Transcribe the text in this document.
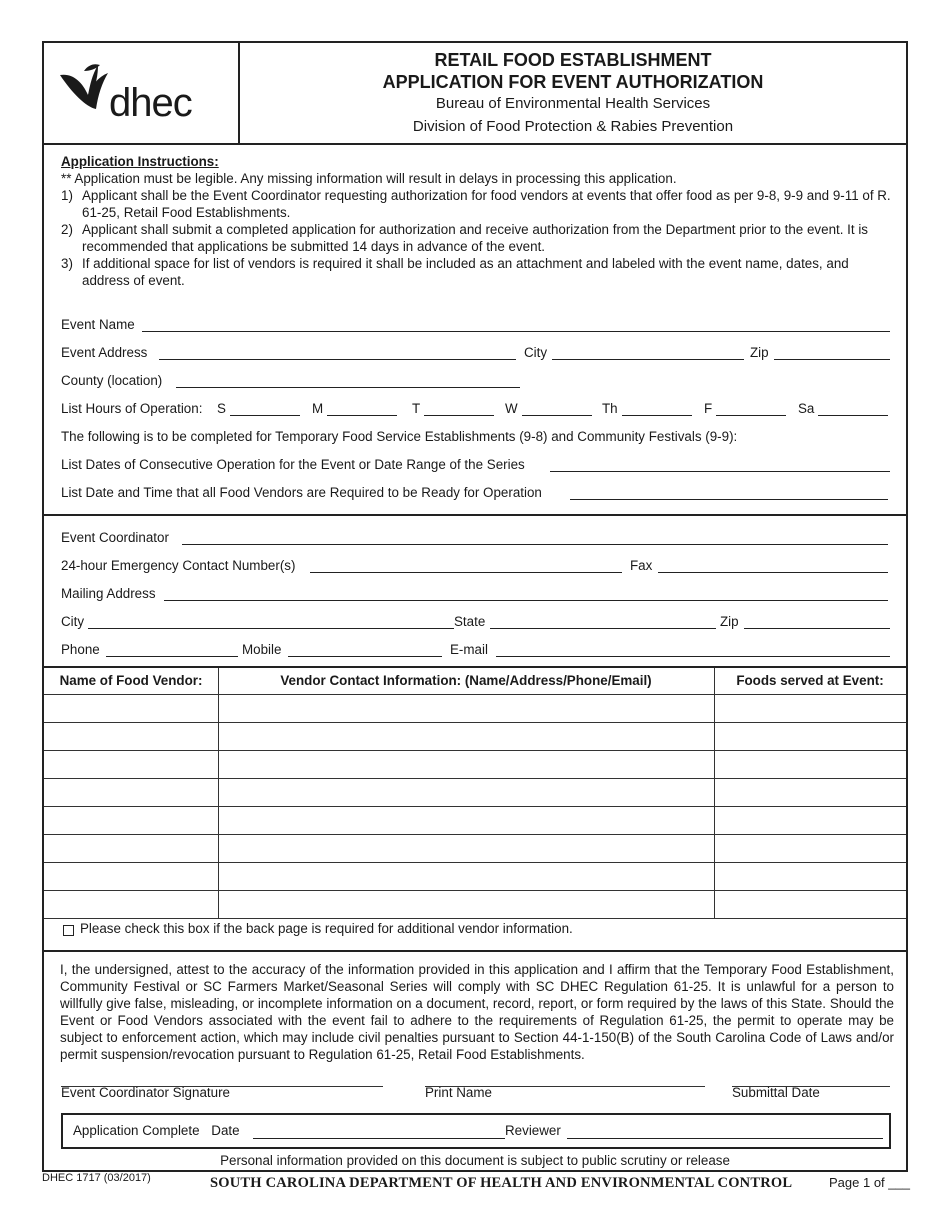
dhec
RETAIL FOOD ESTABLISHMENT
APPLICATION FOR EVENT AUTHORIZATION
Bureau of Environmental Health Services
Division of Food Protection & Rabies Prevention
Application Instructions:
** Application must be legible. Any missing information will result in delays in processing this application.
1) Applicant shall be the Event Coordinator requesting authorization for food vendors at events that offer food as per 9-8, 9-9 and 9-11 of R. 61-25, Retail Food Establishments.
2) Applicant shall submit a completed application for authorization and receive authorization from the Department prior to the event. It is recommended that applications be submitted 14 days in advance of the event.
3) If additional space for list of vendors is required it shall be included as an attachment and labeled with the event name, dates, and address of event.
Event Name
Event Address	City	Zip
County (location)
List Hours of Operation: S	M	T	W	Th	F	Sa
The following is to be completed for Temporary Food Service Establishments (9-8) and Community Festivals (9-9):
List Dates of Consecutive Operation for the Event or Date Range of the Series
List Date and Time that all Food Vendors are Required to be Ready for Operation
Event Coordinator
24-hour Emergency Contact Number(s)	Fax
Mailing Address
City	State	Zip
Phone	Mobile	E-mail
Name of Food Vendor:	Vendor Contact Information: (Name/Address/Phone/Email)	Foods served at Event:
Please check this box if the back page is required for additional vendor information.
I, the undersigned, attest to the accuracy of the information provided in this application and I affirm that the Temporary Food Establishment, Community Festival or SC Farmers Market/Seasonal Series will comply with SC DHEC Regulation 61-25. It is unlawful for a person to willfully give false, misleading, or incomplete information on a document, record, report, or form required by the laws of this State. Should the Event or Food Vendors associated with the event fail to adhere to the requirements of Regulation 61-25, the permit to operate may be subject to enforcement action, which may include civil penalties pursuant to Section 44-1-150(B) of the South Carolina Code of Laws and/or permit suspension/revocation pursuant to Regulation 61-25, Retail Food Establishments.
Event Coordinator Signature	Print Name	Submittal Date
Application Complete Date	Reviewer
Personal information provided on this document is subject to public scrutiny or release
DHEC 1717 (03/2017)	SOUTH CAROLINA DEPARTMENT OF HEALTH AND ENVIRONMENTAL CONTROL	Page 1 of ___
